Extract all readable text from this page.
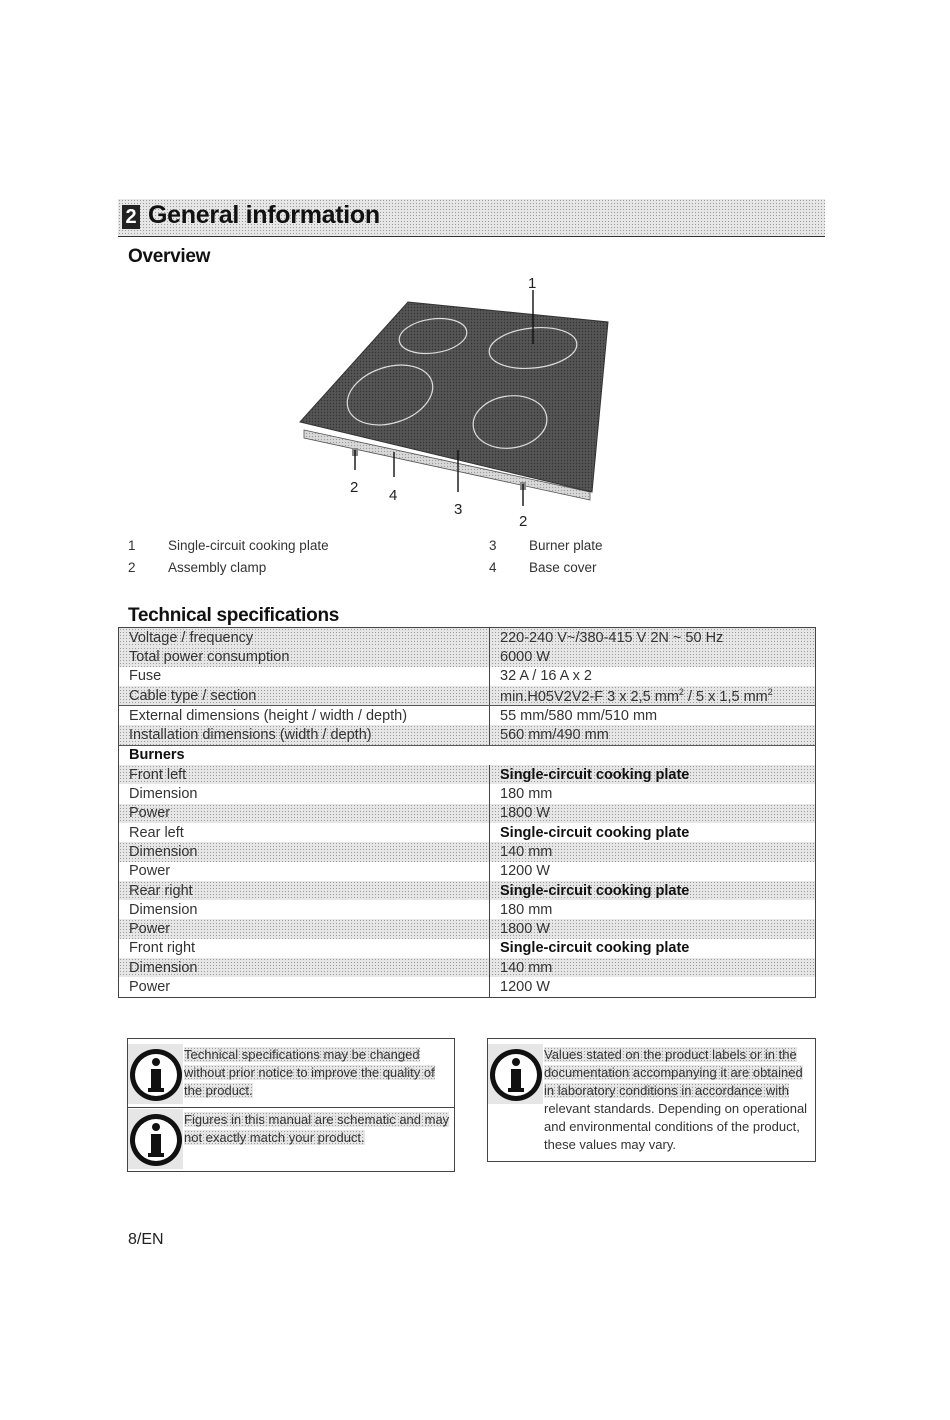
2 General information
Overview
1
2 4
3
2
1 Single-circuit cooking plate
2 Assembly clamp
3 Burner plate
4 Base cover
Technical specifications
Voltage / frequency	220-240 V~/380-415 V 2N ~ 50 Hz
Total power consumption	6000 W
Fuse	32 A / 16 A x 2
Cable type / section	min.H05V2V2-F 3 x 2,5 $mm^2 / 5$ x 1,5 $mm^2$
External dimensions (height / width / depth)	55 mm/580 mm/510 mm
Installation dimensions (width / depth)	560 mm/490 mm
Burners	
Front left	Single-circuit cooking plate
Dimension	180 mm
Power	1800 W
Rear left	Single-circuit cooking plate
Dimension	140 mm
Power	1200 W
Rear right	Single-circuit cooking plate
Dimension	180 mm
Power	1800 W
Front right	Single-circuit cooking plate
Dimension	140 mm
Power	1200 W
Technical specifications may be changed
without prior notice to improve the quality of
the product.
Figures in this manual are schematic and may
not exactly match your product.
Values stated on the product labels or in the
documentation accompanying it are obtained
in laboratory conditions in accordance with
relevant standards. Depending on operational
and environmental conditions of the product,
these values may vary.
8/EN
